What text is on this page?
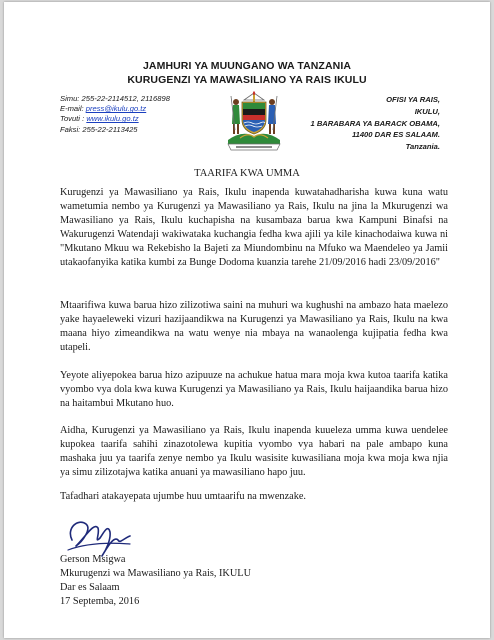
JAMHURI YA MUUNGANO WA TANZANIA
KURUGENZI YA MAWASILIANO YA RAIS IKULU
Simu: 255-22-2114512, 2116898
E-mail: press@ikulu.go.tz
Tovuti : www.ikulu.go.tz
Faksi: 255-22-2113425
OFISI YA RAIS,
IKULU,
1 BARABARA YA BARACK OBAMA,
11400 DAR ES SALAAM.
Tanzania.
TAARIFA KWA UMMA
Kurugenzi ya Mawasiliano ya Rais, Ikulu inapenda kuwatahadharisha kuwa kuna watu wametumia nembo ya Kurugenzi ya Mawasiliano ya Rais, Ikulu na jina la Mkurugenzi wa Mawasiliano ya Rais, Ikulu kuchapisha na kusambaza barua kwa Kampuni Binafsi na Wakurugenzi Watendaji wakiwataka kuchangia fedha kwa ajili ya kile kinachodaiwa kuwa ni "Mkutano Mkuu wa Rekebisho la Bajeti za Miundombinu na Mfuko wa Maendeleo ya Jamii utakaofanyika katika kumbi za Bunge Dodoma kuanzia tarehe 21/09/2016 hadi 23/09/2016"
Mtaarifiwa kuwa barua hizo zilizotiwa saini na muhuri wa kughushi na ambazo hata maelezo yake hayaeleweki vizuri hazijaandikwa na Kurugenzi ya Mawasiliano ya Rais, Ikulu na kwa maana hiyo zimeandikwa na watu wenye nia mbaya na wanaolenga kujipatia fedha kwa utapeli.
Yeyote aliyepokea barua hizo azipuuze na achukue hatua mara moja kwa kutoa taarifa katika vyombo vya dola kwa kuwa Kurugenzi ya Mawasiliano ya Rais, Ikulu haijaandika barua hizo na haitambui Mkutano huo.
Aidha, Kurugenzi ya Mawasiliano ya Rais, Ikulu inapenda kuueleza umma kuwa uendelee kupokea taarifa sahihi zinazotolewa kupitia vyombo vya habari na pale ambapo kuna mashaka juu ya taarifa zenye nembo ya Ikulu wasisite kuwasiliana moja kwa moja kwa njia ya simu zilizotajwa katika anuani ya mawasiliano hapo juu.
Tafadhari atakayepata ujumbe huu umtaarifu na mwenzake.
Gerson Msigwa
Mkurugenzi wa Mawasiliano ya Rais, IKULU
Dar es Salaam
17 Septemba, 2016
